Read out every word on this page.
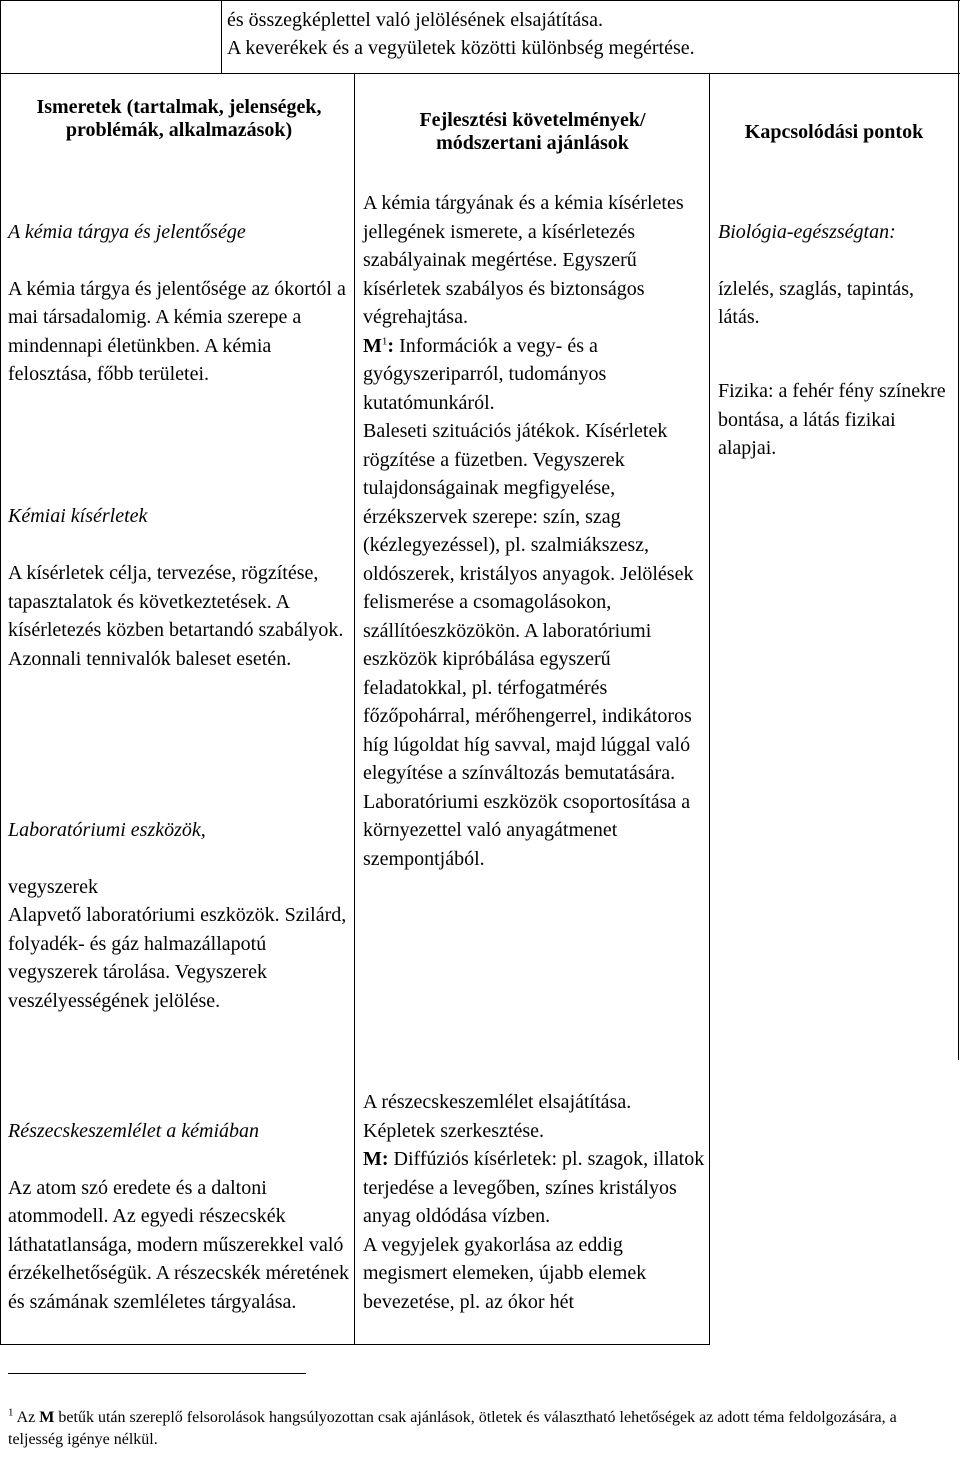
és összegképlettel való jelölésének elsajátítása.
A keverékek és a vegyületek közötti különbség megértése.
Ismeretek (tartalmak, jelenségek, problémák, alkalmazások)	Fejlesztési követelmények/ módszertani ajánlások	Kapcsolódási pontok

A kémia tárgya és jelentősége

A kémia tárgya és jelentősége az ókortól a mai társadalomig. A kémia szerepe a mindennapi életünkben. A kémia felosztása, főbb területei.

Kémiai kísérletek

A kísérletek célja, tervezése, rögzítése, tapasztalatok és következtetések. A kísérletezés közben betartandó szabályok. Azonnali tennivalók baleset esetén.

Laboratóriumi eszközök,

vegyszerek
Alapvető laboratóriumi eszközök. Szilárd, folyadék- és gáz halmazállapotú vegyszerek tárolása. Vegyszerek veszélyességének jelölése.

A kémia tárgyának és a kémia kísérletes jellegének ismerete, a kísérletezés szabályainak megértése. Egyszerű kísérletek szabályos és biztonságos végrehajtása.
$M^1$: Információk a vegy- és a gyógyszeriparról, tudományos kutatómunkáról.
Baleseti szituációs játékok. Kísérletek rögzítése a füzetben. Vegyszerek tulajdonságainak megfigyelése, érzékszervek szerepe: szín, szag (kézlegyezéssel), pl. szalmiákszesz, oldószerek, kristályos anyagok. Jelölések felismerése a csomagolásokon, szállítóeszközökön. A laboratóriumi eszközök kipróbálása egyszerű feladatokkal, pl. térfogatmérés főzőpohárral, mérőhengerrel, indikátoros híg lúgoldat híg savval, majd lúggal való elegyítése a színváltozás bemutatására. Laboratóriumi eszközök csoportosítása a környezettel való anyagátmenet szempontjából.

Biológia-egészségtan:

ízlelés, szaglás, tapintás, látás.

Fizika: a fehér fény színekre bontása, a látás fizikai alapjai.

Részecskeszemlélet a kémiában

Az atom szó eredete és a daltoni atommodell. Az egyedi részecskék láthatatlansága, modern műszerekkel való érzékelhetőségük. A részecskék méretének és számának szemléletes tárgyalása.

A részecskeszemlélet elsajátítása. Képletek szerkesztése.
M: Diffúziós kísérletek: pl. szagok, illatok terjedése a levegőben, színes kristályos anyag oldódása vízben.
A vegyjelek gyakorlása az eddig megismert elemeken, újabb elemek bevezetése, pl. az ókor hét
$^1$ Az M betűk után szereplő felsorolások hangsúlyozottan csak ajánlások, ötletek és választható lehetőségek az adott téma feldolgozására, a teljesség igénye nélkül.
